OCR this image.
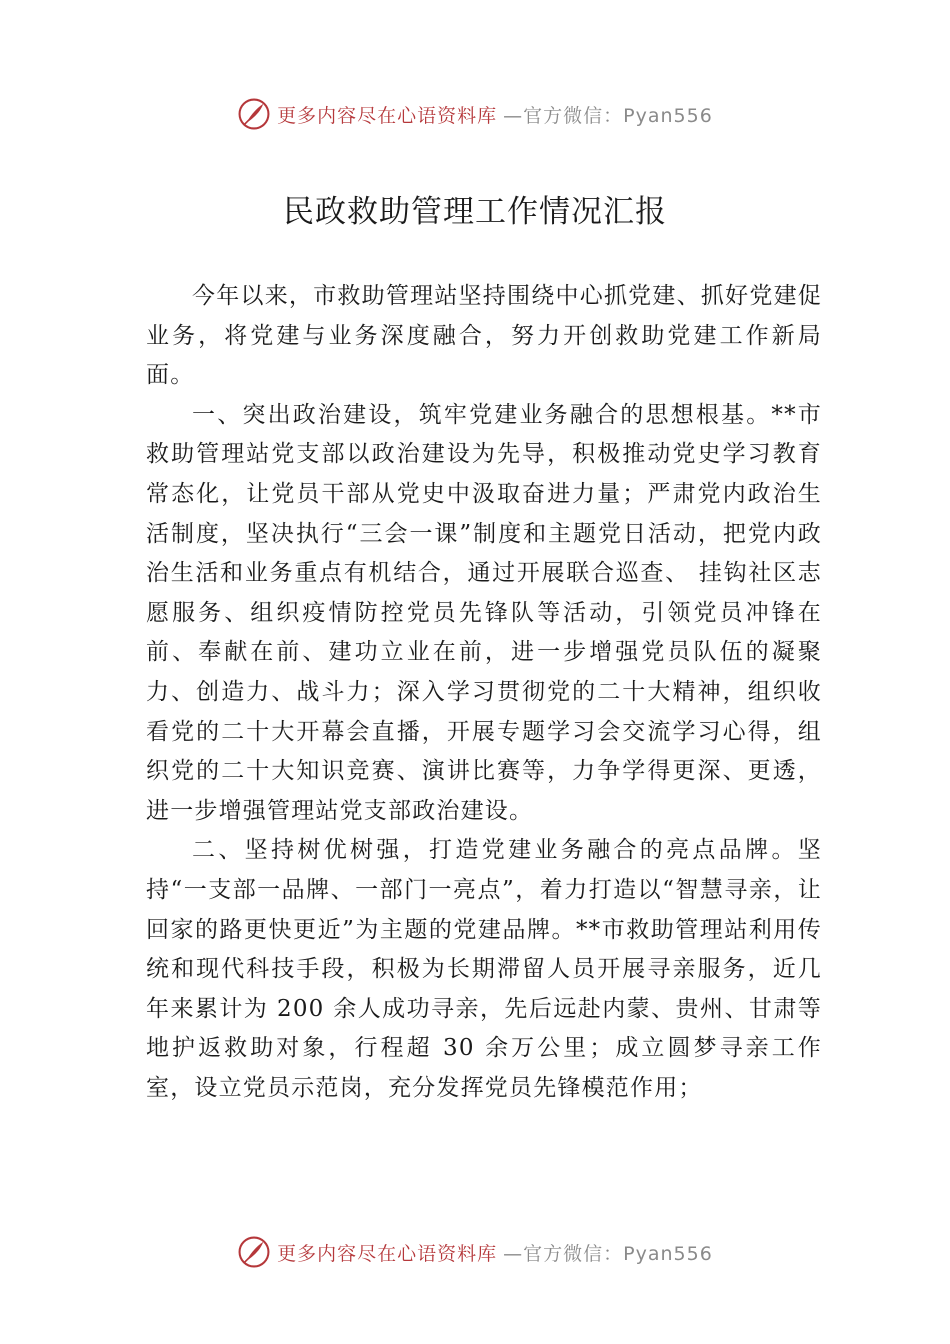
更多内容尽在心语资料库 —官方微信：Pyan556
民政救助管理工作情况汇报

今年以来，市救助管理站坚持围绕中心抓党建、抓好党建促业务，将党建与业务深度融合，努力开创救助党建工作新局面。

一、突出政治建设，筑牢党建业务融合的思想根基。**市救助管理站党支部以政治建设为先导，积极推动党史学习教育常态化，让党员干部从党史中汲取奋进力量；严肃党内政治生活制度，坚决执行“三会一课”制度和主题党日活动，把党内政治生活和业务重点有机结合，通过开展联合巡查、 挂钩社区志愿服务、组织疫情防控党员先锋队等活动，引领党员冲锋在前、奉献在前、建功立业在前，进一步增强党员队伍的凝聚力、创造力、战斗力；深入学习贯彻党的二十大精神，组织收看党的二十大开幕会直播，开展专题学习会交流学习心得，组织党的二十大知识竞赛、演讲比赛等，力争学得更深、更透，进一步增强管理站党支部政治建设。

二、坚持树优树强，打造党建业务融合的亮点品牌。坚持“一支部一品牌、一部门一亮点”，着力打造以“智慧寻亲，让回家的路更快更近”为主题的党建品牌。**市救助管理站利用传统和现代科技手段，积极为长期滞留人员开展寻亲服务，近几年来累计为 200 余人成功寻亲，先后远赴内蒙、贵州、甘肃等地护返救助对象，行程超 30 余万公里；成立圆梦寻亲工作室，设立党员示范岗，充分发挥党员先锋模范作用；

更多内容尽在心语资料库 —官方微信：Pyan556
